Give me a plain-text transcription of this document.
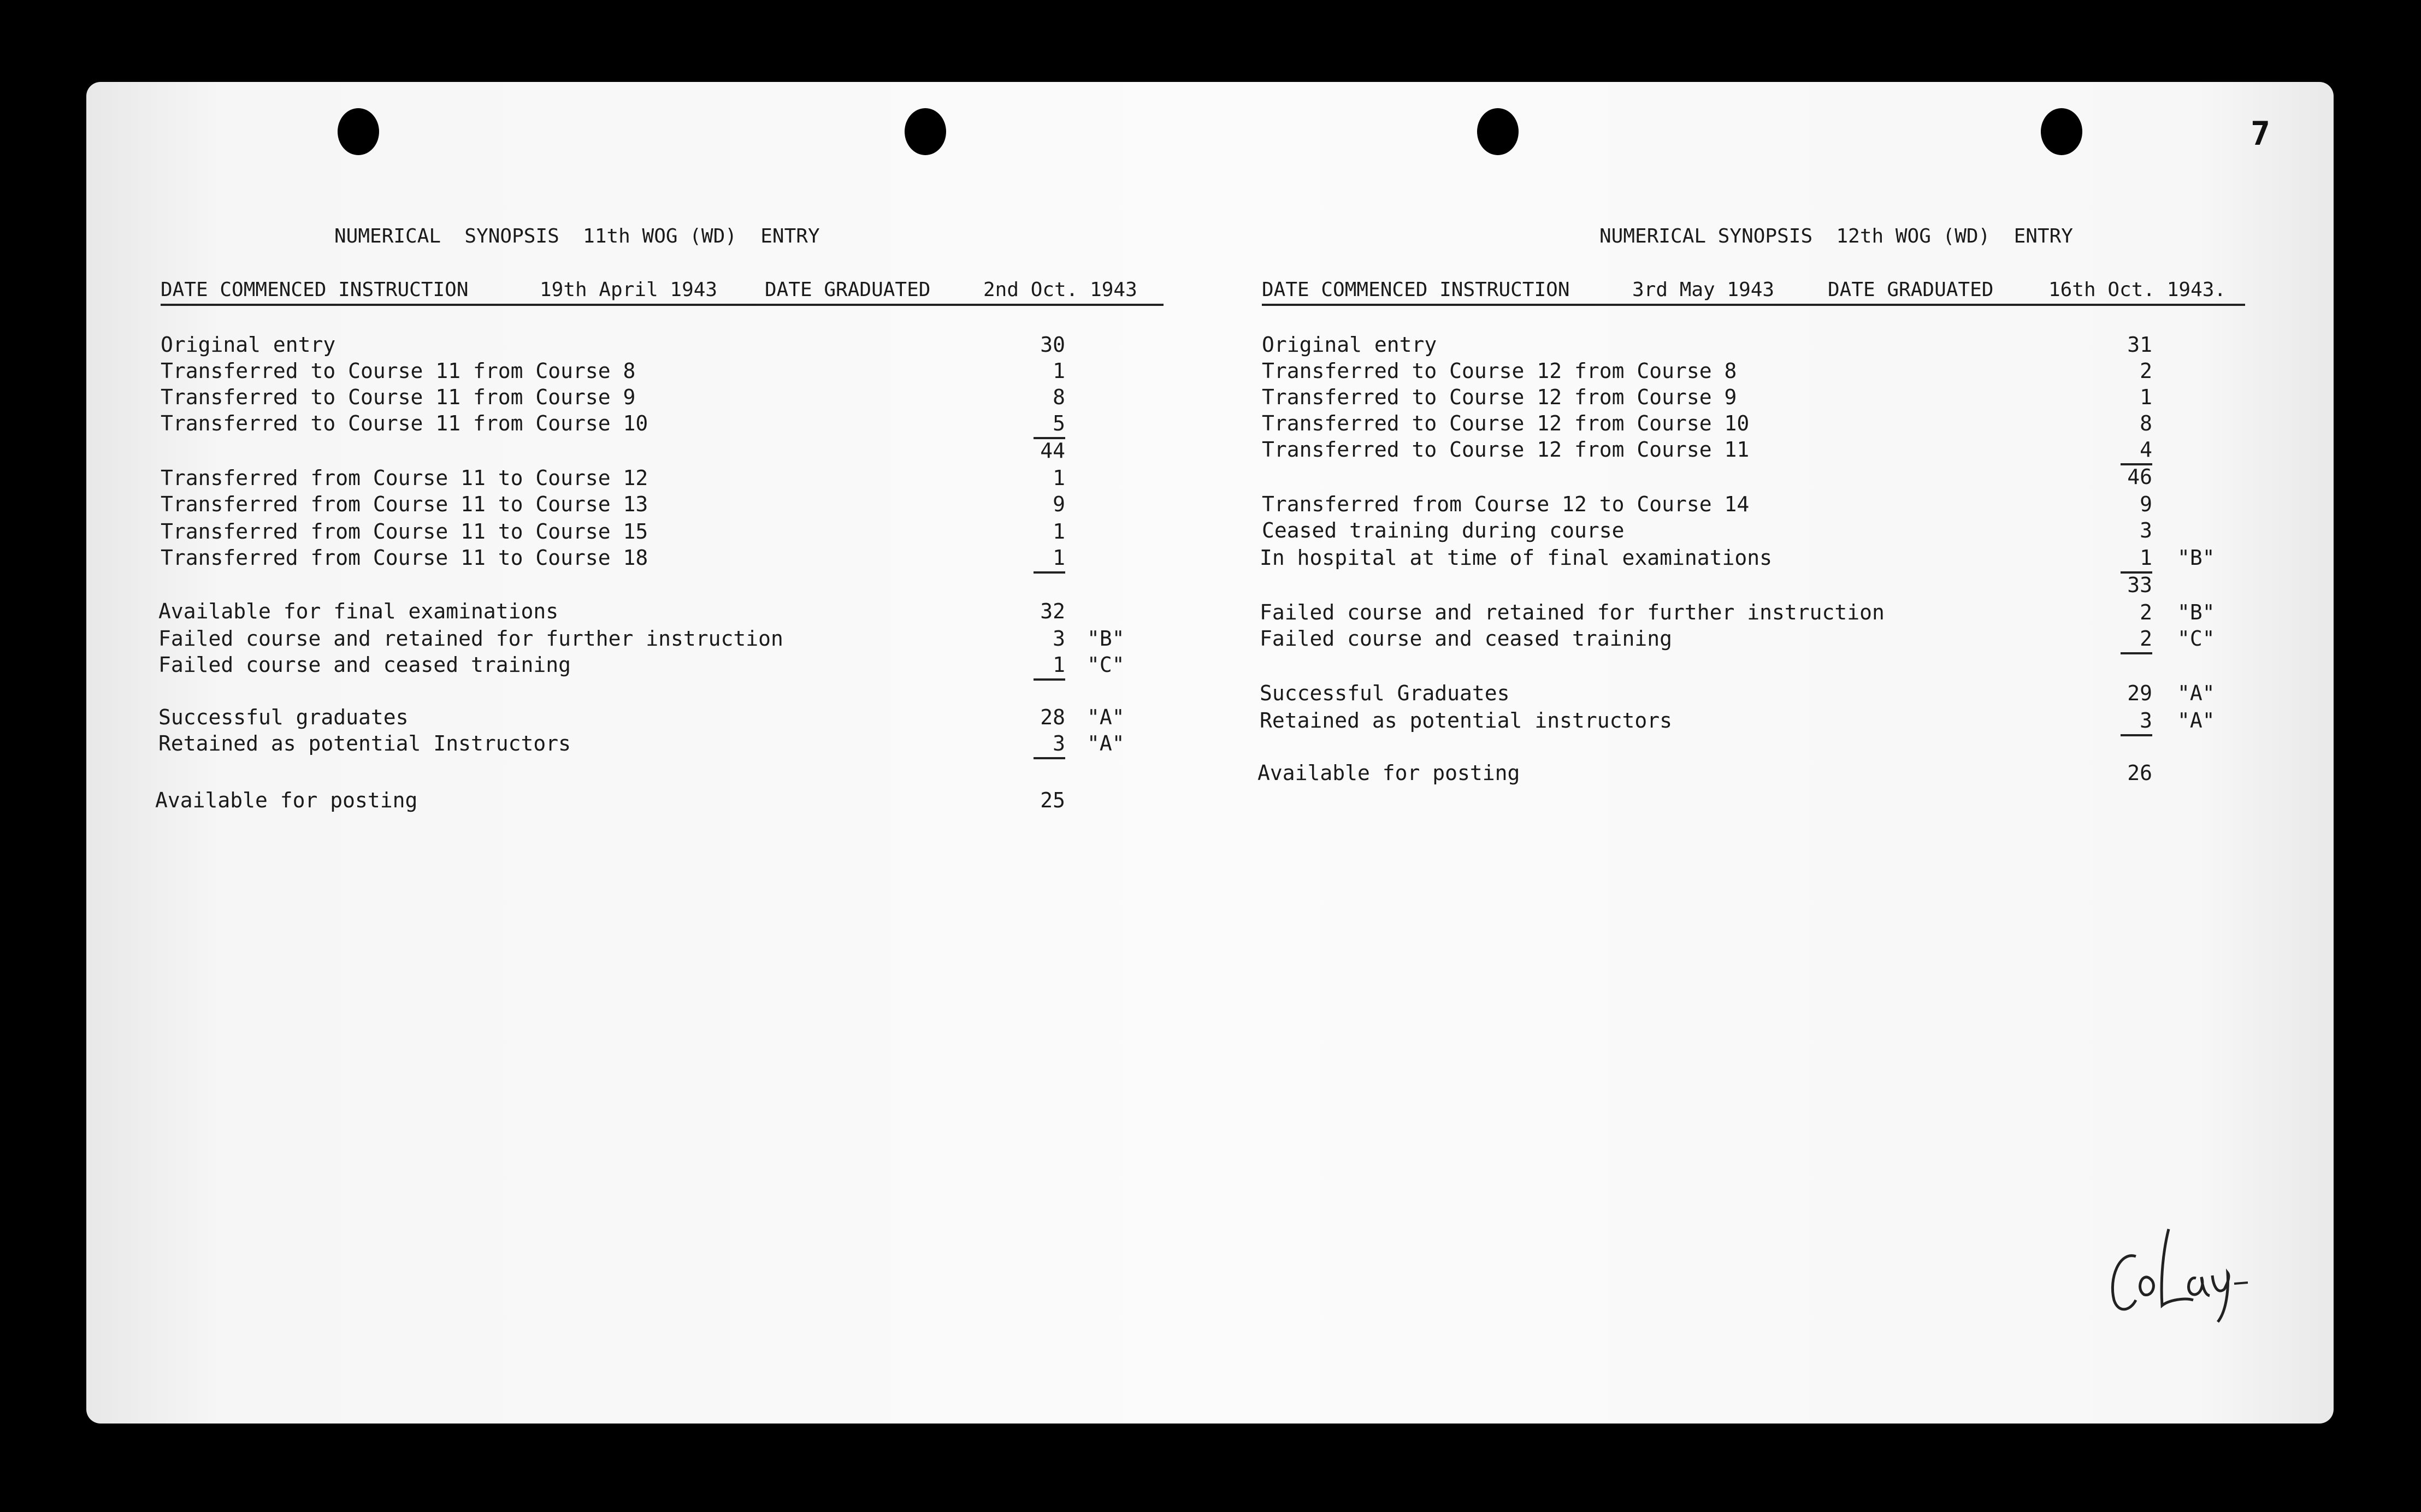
7
NUMERICAL  SYNOPSIS  11th WOG (WD)  ENTRY
DATE COMMENCED INSTRUCTION	19th April 1943 DATE GRADUATED	2nd Oct. 1943
Original entry	30
Transferred to Course 11 from Course 8	1
Transferred to Course 11 from Course 9	8
Transferred to Course 11 from Course 10	5
44
Transferred from Course 11 to Course 12	1
Transferred from Course 11 to Course 13	9
Transferred from Course 11 to Course 15	1
Transferred from Course 11 to Course 18	1
Available for final examinations	32
Failed course and retained for further instruction	3 "B"
Failed course and ceased training	1 "C"
Successful graduates	28 "A"
Retained as potential Instructors	3 "A"
Available for posting	25
NUMERICAL SYNOPSIS  12th WOG (WD)  ENTRY
DATE COMMENCED INSTRUCTION	3rd May 1943	DATE GRADUATED	16th Oct. 1943.
Original entry	31
Transferred to Course 12 from Course 8	2
Transferred to Course 12 from Course 9	1
Transferred to Course 12 from Course 10	8
Transferred to Course 12 from Course 11	4
46
Transferred from Course 12 to Course 14	9
Ceased training during course	3
In hospital at time of final examinations	1 "B"
33
Failed course and retained for further instruction	2 "B"
Failed course and ceased training	2 "C"
Successful Graduates	29 "A"
Retained as potential instructors	3 "A"
Available for posting	26
